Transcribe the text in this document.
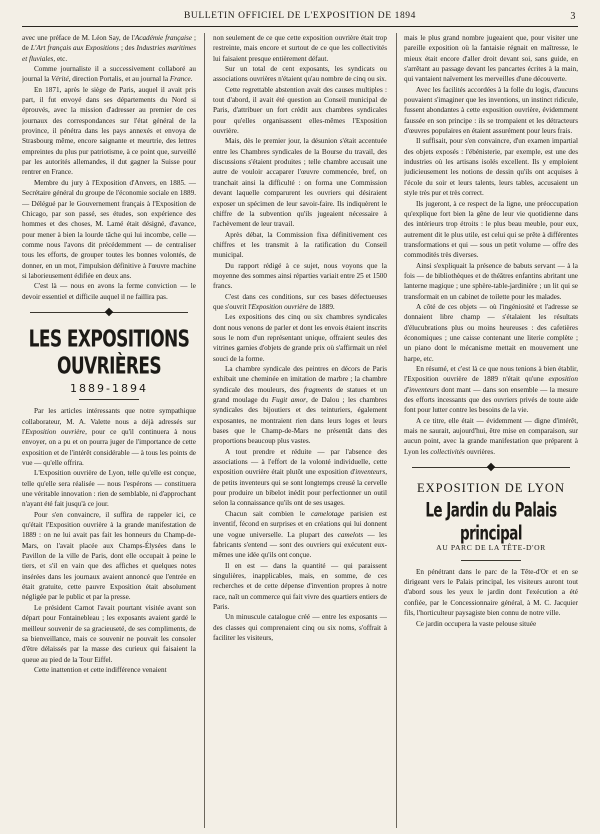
BULLETIN OFFICIEL DE L'EXPOSITION DE 1894	3

avec une préface de M. Léon Say, de l'Académie française ; de L'Art français aux Expositions ; des Industries maritimes et fluviales, etc.

Comme journaliste il a successivement collaboré au journal la Vérité, direction Portalis, et au journal la France.

En 1871, après le siège de Paris, auquel il avait pris part, il fut envoyé dans ses départements du Nord si éprouvés, avec la mission d'adresser au premier de ces journaux des correspondances sur l'état général de la province, il pénétra dans les pays annexés et envoya de Strasbourg même, encore saignante et meurtrie, des lettres empreintes du plus pur patriotisme, à ce point que, surveillé par les autorités allemandes, il dut gagner la Suisse pour rentrer en France.

Membre du jury à l'Exposition d'Anvers, en 1885. — Secrétaire général du groupe de l'économie sociale en 1889. — Délégué par le Gouvernement français à l'Exposition de Chicago, par son passé, ses études, son expérience des hommes et des choses, M. Lamé était désigné, d'avance, pour mener à bien la lourde tâche qui lui incombe, celle — comme nous l'avons dit précédemment — de centraliser tous les efforts, de grouper toutes les bonnes volontés, de donner, en un mot, l'impulsion définitive à l'œuvre machine si laborieusement édifiée en deux ans.

C'est là — nous en avons la ferme conviction — le devoir essentiel et difficile auquel il ne faillira pas.

LES EXPOSITIONS OUVRIÈRES
1889-1894

Par les articles intéressants que notre sympathique collaborateur, M. A. Valette nous a déjà adressés sur l'Exposition ouvrière, pour ce qu'il continuera à nous envoyer, on a pu et on pourra juger de l'importance de cette exposition et de l'intérêt considérable — à tous les points de vue — qu'elle offrira.

L'Exposition ouvrière de Lyon, telle qu'elle est conçue, telle qu'elle sera réalisée — nous l'espérons — constituera une véritable innovation : rien de semblable, ni d'approchant n'ayant été fait jusqu'à ce jour.

Pour s'en convaincre, il suffira de rappeler ici, ce qu'était l'Exposition ouvrière à la grande manifestation de 1889 : on ne lui avait pas fait les honneurs du Champ-de-Mars, on l'avait placée aux Champs-Élysées dans le Pavillon de la ville de Paris, dont elle occupait à peine le tiers, et s'il en vain que des affiches et quelques notes insérées dans les journaux avaient annoncé que l'entrée en était gratuite, cette pauvre Exposition était absolument négligée par le public et par la presse.

Le président Carnot l'avait pourtant visitée avant son départ pour Fontainebleau ; les exposants avaient gardé le meilleur souvenir de sa gracieuseté, de ses compliments, de sa bienveillance, mais ce souvenir ne pouvait les consoler d'être délaissés par la masse des curieux qui faisaient la queue au pied de la Tour Eiffel.

Cette inattention et cette indifférence venaient

non seulement de ce que cette exposition ouvrière était trop restreinte, mais encore et surtout de ce que les collectivités lui faisaient presque entièrement défaut.

Sur un total de cent exposants, les syndicats ou associations ouvrières n'étaient qu'au nombre de cinq ou six.

Cette regrettable abstention avait des causes multiples : tout d'abord, il avait été question au Conseil municipal de Paris, d'attribuer un fort crédit aux chambres syndicales pour qu'elles organisassent elles-mêmes l'Exposition ouvrière.

Mais, dès le premier jour, la désunion s'était accentuée entre les Chambres syndicales de la Bourse du travail, des discussions s'étaient produites ; telle chambre accusait une autre de vouloir accaparer l'œuvre commencée, bref, on tranchait ainsi la difficulté : on forma une Commission devant laquelle comparurent les ouvriers qui désiraient exposer un spécimen de leur savoir-faire. Ils indiquèrent le chiffre de la subvention qu'ils jugeaient nécessaire à l'achèvement de leur travail.

Après débat, la Commission fixa définitivement ces chiffres et les transmit à la ratification du Conseil municipal.

Du rapport rédigé à ce sujet, nous voyons que la moyenne des sommes ainsi réparties variait entre 25 et 1500 francs.

C'est dans ces conditions, sur ces bases défectueuses que s'ouvrit l'Exposition ouvrière de 1889.

Les expositions des cinq ou six chambres syndicales dont nous venons de parler et dont les envois étaient inscrits sous le nom d'un représentant unique, offraient seules des vitrines garnies d'objets de grande prix où s'affirmait un réel souci de la forme.

La chambre syndicale des peintres en décors de Paris exhibait une cheminée en imitation de marbre ; la chambre syndicale des mouleurs, des fragments de statues et un grand moulage du Fugit amor, de Dalou ; les chambres syndicales des bijoutiers et des teinturiers, également exposantes, ne montraient rien dans leurs loges et leurs bases que le Champ-de-Mars ne présentât dans des proportions beaucoup plus vastes.

A tout prendre et réduite — par l'absence des associations — à l'effort de la volonté individuelle, cette exposition ouvrière était plutôt une exposition d'inventeurs, de petits inventeurs qui se sont longtemps creusé la cervelle pour produire un bibelot inédit pour perfectionner un outil selon la connaissance qu'ils ont de ses usages.

Chacun sait combien le camelotage parisien est inventif, fécond en surprises et en créations qui lui donnent une vogue universelle. La plupart des camelots — les fabricants s'entend — sont des ouvriers qui exécutent eux-mêmes une idée qu'ils ont conçue.

Il en est — dans la quantité — qui paraissent singulières, inapplicables, mais, en somme, de ces recherches et de cette dépense d'invention propres à notre race, naît un commerce qui fait vivre des quartiers entiers de Paris.

Un minuscule catalogue créé — entre les exposants — des classes qui comprenaient cinq ou six noms, s'offrait à faciliter les visiteurs,

mais le plus grand nombre jugeaient que, pour visiter une pareille exposition où la fantaisie régnait en maîtresse, le mieux était encore d'aller droit devant soi, sans guide, en s'arrêtant au passage devant les pancartes écrites à la main, qui vantaient naïvement les merveilles d'une découverte.

Avec les facilités accordées à la folle du logis, d'aucuns pouvaient s'imaginer que les inventions, un instinct ridicule, fussent abondantes à cette exposition ouvrière, évidemment faussée en son principe : ils se trompaient et les détracteurs d'œuvres populaires en étaient assurément pour leurs frais.

Il suffisait, pour s'en convaincre, d'un examen impartial des objets exposés : l'ébénisterie, par exemple, est une des industries où les artisans isolés excellent. Ils y emploient judicieusement les notions de dessin qu'ils ont acquises à l'école du soir et leurs talents, leurs tables, accusaient un style très pur et très correct.

Ils jugeront, à ce respect de la ligne, une préoccupation qu'explique fort bien la gêne de leur vie quotidienne dans des intérieurs trop étroits : le plus beau meuble, pour eux, autrement dit le plus utile, est celui qui se prête à différentes transformations et qui — sous un petit volume — offre des commodités très diverses.

Ainsi s'expliquait la présence de babuts servant — à la fois — de bibliothèques et de théâtres enfantins abritant une lanterne magique ; une sphère-table-jardinière ; un lit qui se transformait en un cabinet de toilette pour les malades.

A côté de ces objets — où l'ingéniosité et l'adresse se donnaient libre champ — s'étalaient les résultats d'élucubrations plus ou moins heureuses : des cafetières économiques ; une caisse contenant une literie complète ; un piano dont le mécanisme mettait en mouvement une harpe, etc.

En résumé, et c'est là ce que nous tenions à bien établir, l'Exposition ouvrière de 1889 n'était qu'une exposition d'inventeurs dont mant — dans son ensemble — la mesure des efforts incessants que des ouvriers privés de toute aide font pour lutter contre les besoins de la vie.

A ce titre, elle était — évidemment — digne d'intérêt, mais ne saurait, aujourd'hui, être mise en comparaison, sur aucun point, avec la grande manifestation que préparent à Lyon les collectivités ouvrières.

EXPOSITION DE LYON
Le Jardin du Palais principal
AU PARC DE LA TÊTE-D'OR

En pénétrant dans le parc de la Tête-d'Or et en se dirigeant vers le Palais principal, les visiteurs auront tout d'abord sous les yeux le jardin dont l'exécution a été confiée, par le Concessionnaire général, à M. C. Jacquier fils, l'horticulteur paysagiste bien connu de notre ville.

Ce jardin occupera la vaste pelouse située
